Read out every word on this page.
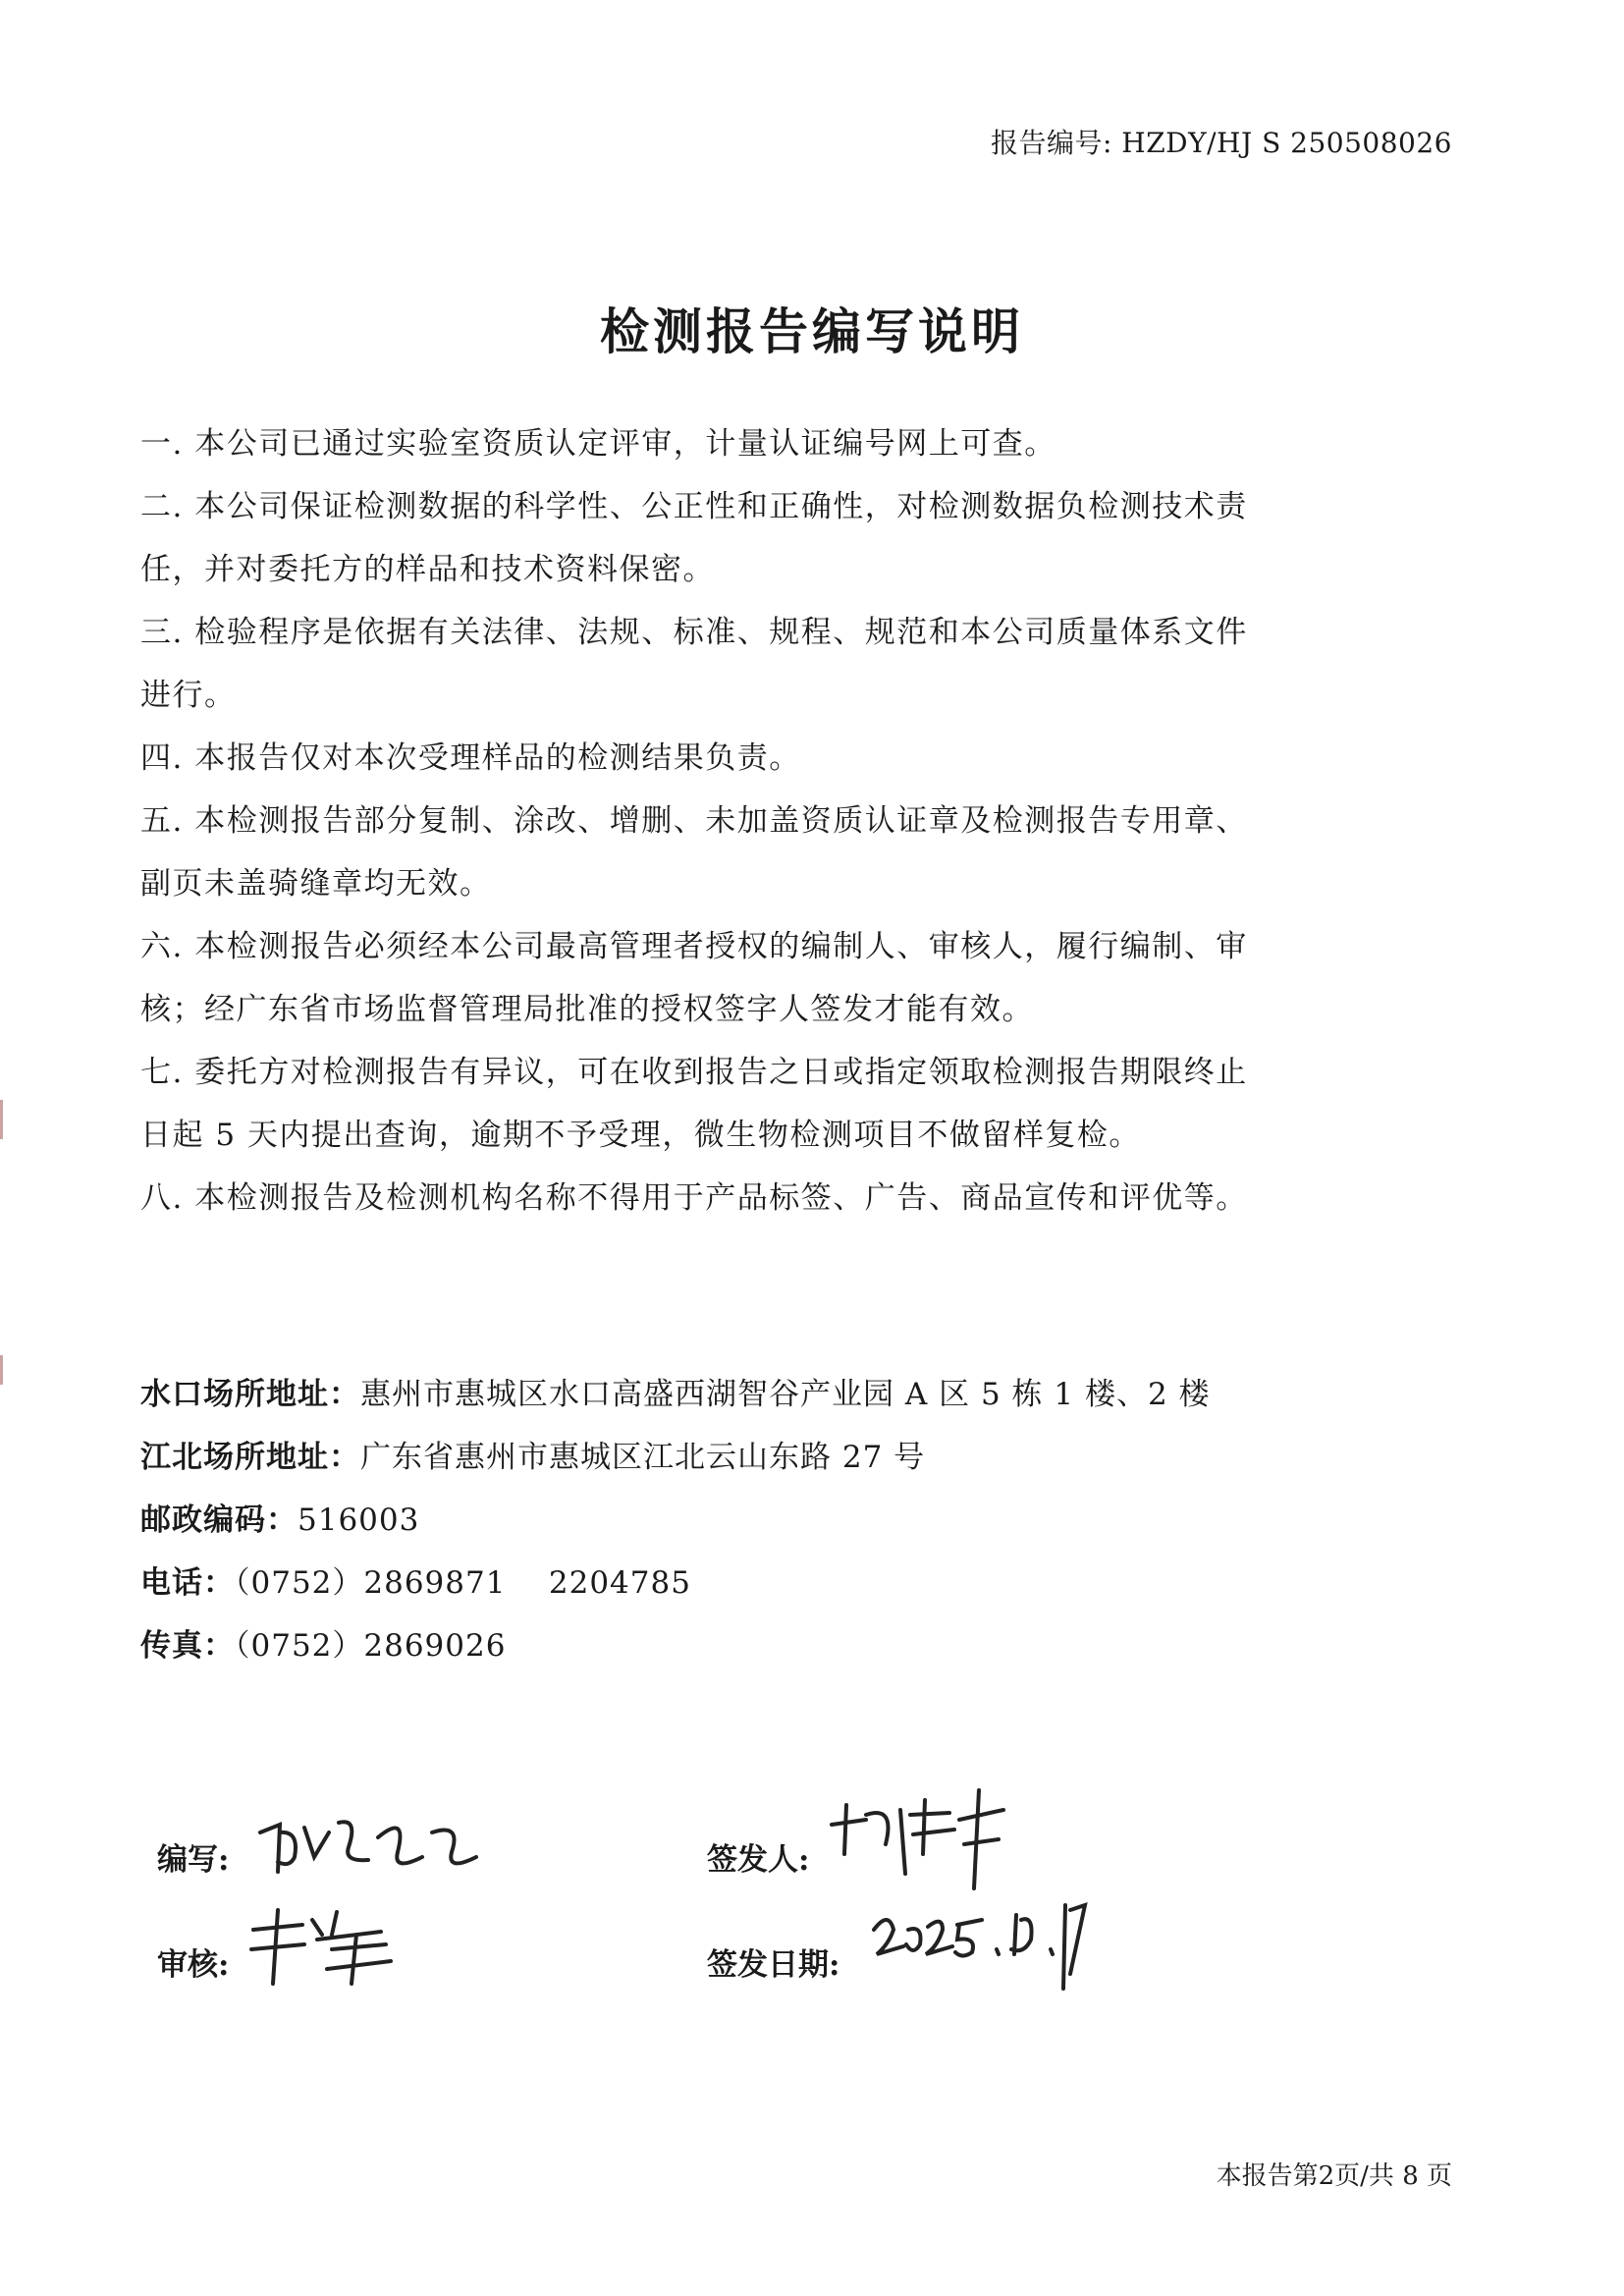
报告编号: HZDY/HJ S 250508026
检测报告编写说明

一. 本公司已通过实验室资质认定评审，计量认证编号网上可查。

二. 本公司保证检测数据的科学性、公正性和正确性，对检测数据负检测技术责任，并对委托方的样品和技术资料保密。

三. 检验程序是依据有关法律、法规、标准、规程、规范和本公司质量体系文件进行。

四. 本报告仅对本次受理样品的检测结果负责。

五. 本检测报告部分复制、涂改、增删、未加盖资质认证章及检测报告专用章、副页未盖骑缝章均无效。

六. 本检测报告必须经本公司最高管理者授权的编制人、审核人，履行编制、审核；经广东省市场监督管理局批准的授权签字人签发才能有效。

七. 委托方对检测报告有异议，可在收到报告之日或指定领取检测报告期限终止日起 5 天内提出查询，逾期不予受理，微生物检测项目不做留样复检。

八. 本检测报告及检测机构名称不得用于产品标签、广告、商品宣传和评优等。

水口场所地址：惠州市惠城区水口高盛西湖智谷产业园 A 区 5 栋 1 楼、2 楼
江北场所地址：广东省惠州市惠城区江北云山东路 27 号
邮政编码：516003
电话：（0752）2869871    2204785
传真：（0752）2869026
编写:
审核:
签发人:
签发日期:
本报告第2页/共 8 页
